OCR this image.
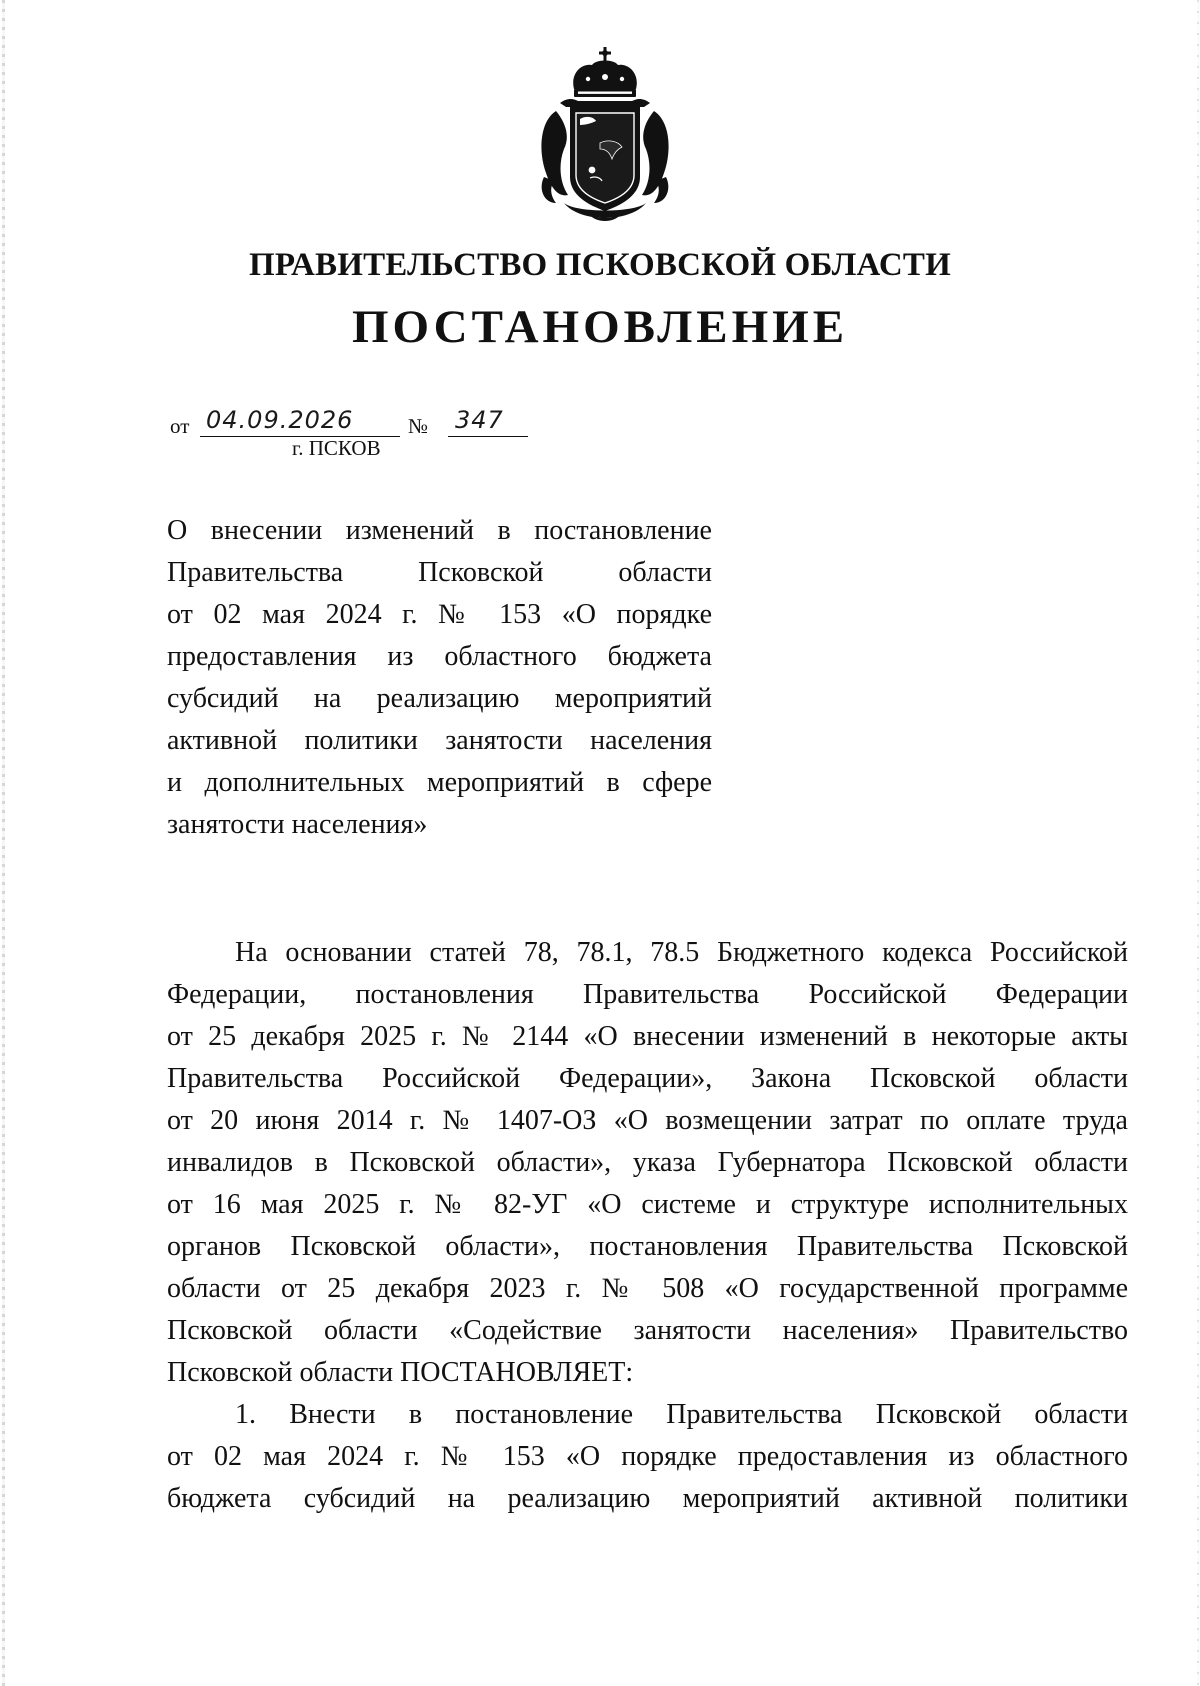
ПРАВИТЕЛЬСТВО ПСКОВСКОЙ ОБЛАСТИ
ПОСТАНОВЛЕНИЕ
от 04.09.2026	№ 347
г. ПСКОВ
О внесении изменений в постановление
Правительства Псковской области
от 02 мая 2024 г. № 153 «О порядке
предоставления из областного бюджета
субсидий на реализацию мероприятий
активной политики занятости населения
и дополнительных мероприятий в сфере
занятости населения»
На основании статей 78, 78.1, 78.5 Бюджетного кодекса Российской
Федерации, постановления Правительства Российской Федерации
от 25 декабря 2025 г. № 2144 «О внесении изменений в некоторые акты
Правительства Российской Федерации», Закона Псковской области
от 20 июня 2014 г. № 1407-ОЗ «О возмещении затрат по оплате труда
инвалидов в Псковской области», указа Губернатора Псковской области
от 16 мая 2025 г. № 82-УГ «О системе и структуре исполнительных
органов Псковской области», постановления Правительства Псковской
области от 25 декабря 2023 г. № 508 «О государственной программе
Псковской области «Содействие занятости населения» Правительство
Псковской области ПОСТАНОВЛЯЕТ:
1. Внести в постановление Правительства Псковской области
от 02 мая 2024 г. № 153 «О порядке предоставления из областного
бюджета субсидий на реализацию мероприятий активной политики
